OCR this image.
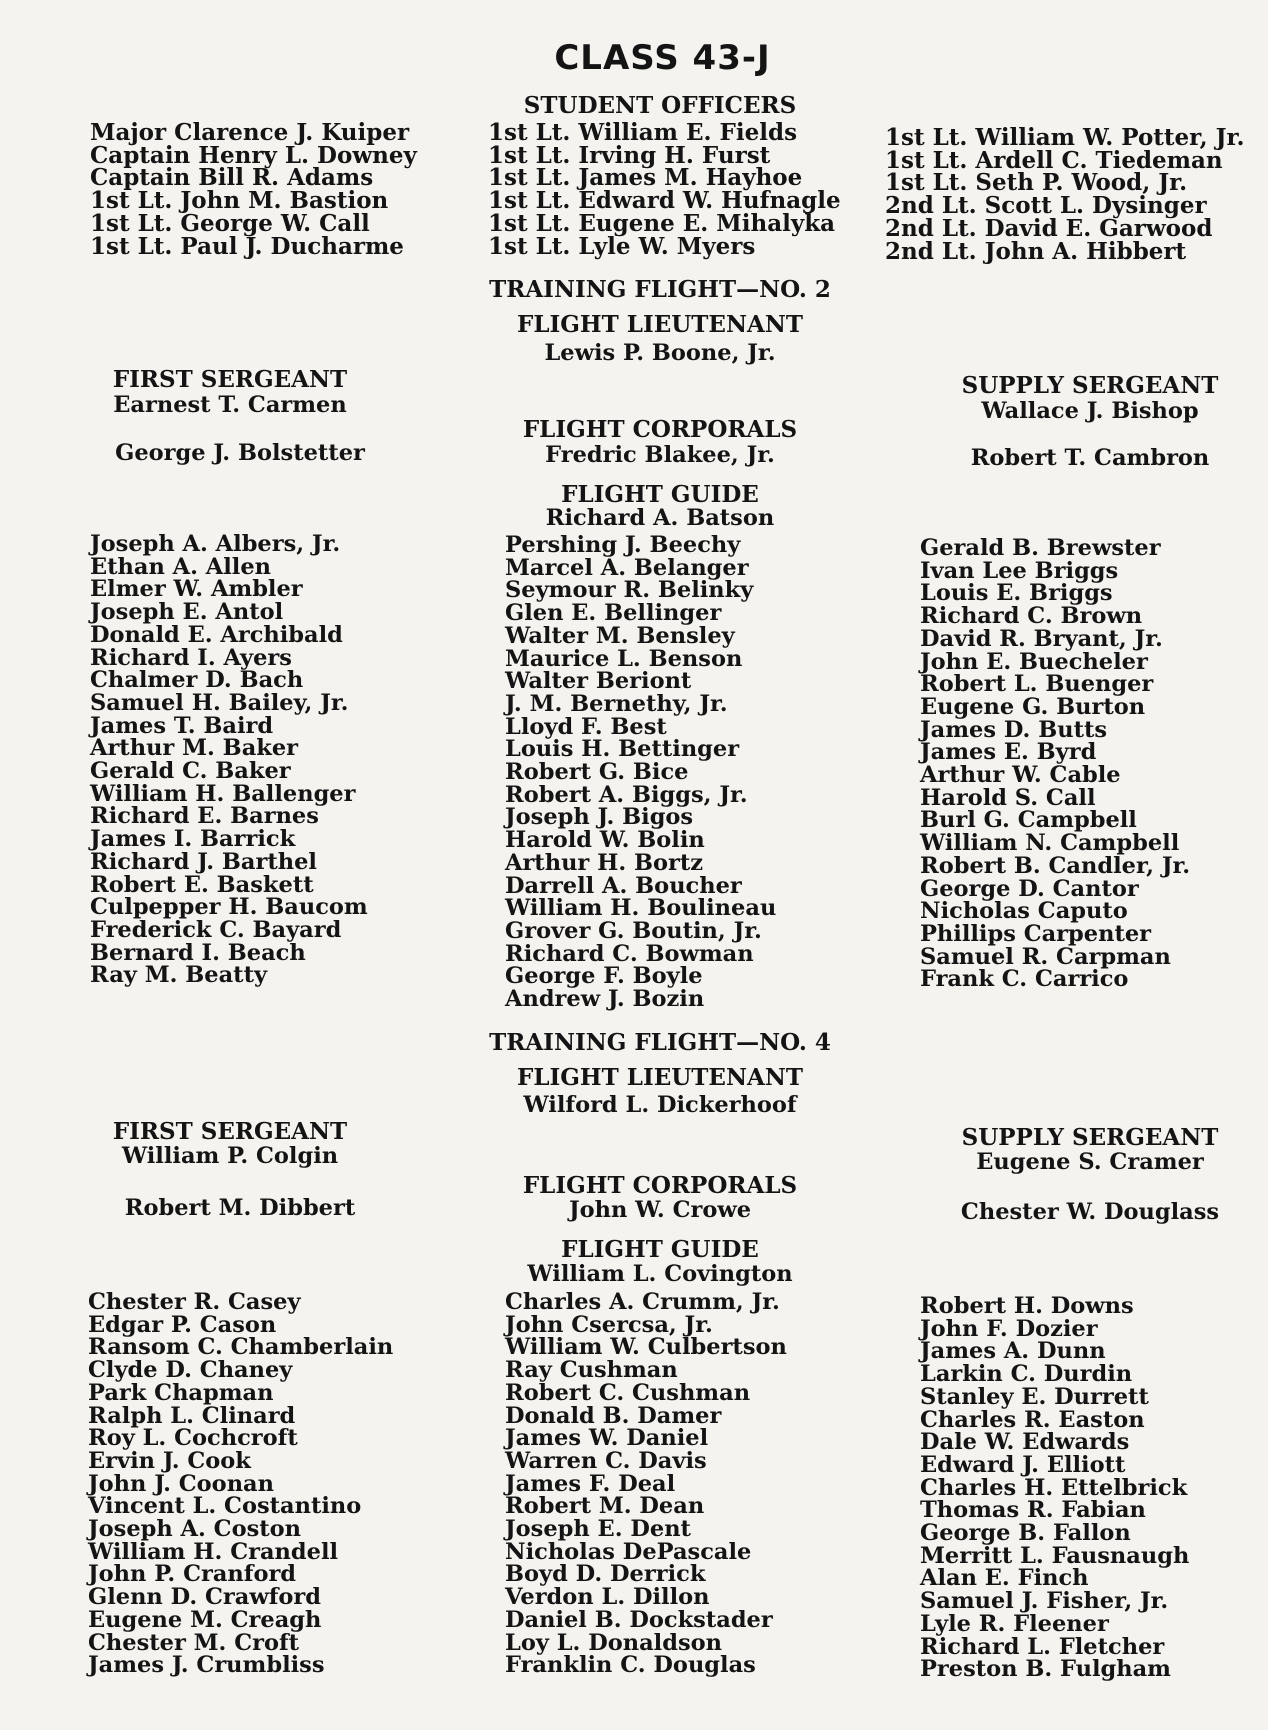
CLASS 43-J
STUDENT OFFICERS
Major Clarence J. Kuiper
Captain Henry L. Downey
Captain Bill R. Adams
1st Lt. John M. Bastion
1st Lt. George W. Call
1st Lt. Paul J. Ducharme
1st Lt. William E. Fields
1st Lt. Irving H. Furst
1st Lt. James M. Hayhoe
1st Lt. Edward W. Hufnagle
1st Lt. Eugene E. Mihalyka
1st Lt. Lyle W. Myers
1st Lt. William W. Potter, Jr.
1st Lt. Ardell C. Tiedeman
1st Lt. Seth P. Wood, Jr.
2nd Lt. Scott L. Dysinger
2nd Lt. David E. Garwood
2nd Lt. John A. Hibbert
TRAINING FLIGHT—NO. 2
FLIGHT LIEUTENANT
Lewis P. Boone, Jr.
FIRST SERGEANT
Earnest T. Carmen
George J. Bolstetter
SUPPLY SERGEANT
Wallace J. Bishop
Robert T. Cambron
FLIGHT CORPORALS
Fredric Blakee, Jr.
FLIGHT GUIDE
Richard A. Batson
Joseph A. Albers, Jr.
Ethan A. Allen
Elmer W. Ambler
Joseph E. Antol
Donald E. Archibald
Richard I. Ayers
Chalmer D. Bach
Samuel H. Bailey, Jr.
James T. Baird
Arthur M. Baker
Gerald C. Baker
William H. Ballenger
Richard E. Barnes
James I. Barrick
Richard J. Barthel
Robert E. Baskett
Culpepper H. Baucom
Frederick C. Bayard
Bernard I. Beach
Ray M. Beatty
Pershing J. Beechy
Marcel A. Belanger
Seymour R. Belinky
Glen E. Bellinger
Walter M. Bensley
Maurice L. Benson
Walter Beriont
J. M. Bernethy, Jr.
Lloyd F. Best
Louis H. Bettinger
Robert G. Bice
Robert A. Biggs, Jr.
Joseph J. Bigos
Harold W. Bolin
Arthur H. Bortz
Darrell A. Boucher
William H. Boulineau
Grover G. Boutin, Jr.
Richard C. Bowman
George F. Boyle
Andrew J. Bozin
Gerald B. Brewster
Ivan Lee Briggs
Louis E. Briggs
Richard C. Brown
David R. Bryant, Jr.
John E. Buecheler
Robert L. Buenger
Eugene G. Burton
James D. Butts
James E. Byrd
Arthur W. Cable
Harold S. Call
Burl G. Campbell
William N. Campbell
Robert B. Candler, Jr.
George D. Cantor
Nicholas Caputo
Phillips Carpenter
Samuel R. Carpman
Frank C. Carrico
TRAINING FLIGHT—NO. 4
FLIGHT LIEUTENANT
Wilford L. Dickerhoof
FIRST SERGEANT
William P. Colgin
Robert M. Dibbert
SUPPLY SERGEANT
Eugene S. Cramer
Chester W. Douglass
FLIGHT CORPORALS
John W. Crowe
FLIGHT GUIDE
William L. Covington
Chester R. Casey
Edgar P. Cason
Ransom C. Chamberlain
Clyde D. Chaney
Park Chapman
Ralph L. Clinard
Roy L. Cochcroft
Ervin J. Cook
John J. Coonan
Vincent L. Costantino
Joseph A. Coston
William H. Crandell
John P. Cranford
Glenn D. Crawford
Eugene M. Creagh
Chester M. Croft
James J. Crumbliss
Charles A. Crumm, Jr.
John Csercsa, Jr.
William W. Culbertson
Ray Cushman
Robert C. Cushman
Donald B. Damer
James W. Daniel
Warren C. Davis
James F. Deal
Robert M. Dean
Joseph E. Dent
Nicholas DePascale
Boyd D. Derrick
Verdon L. Dillon
Daniel B. Dockstader
Loy L. Donaldson
Franklin C. Douglas
Robert H. Downs
John F. Dozier
James A. Dunn
Larkin C. Durdin
Stanley E. Durrett
Charles R. Easton
Dale W. Edwards
Edward J. Elliott
Charles H. Ettelbrick
Thomas R. Fabian
George B. Fallon
Merritt L. Fausnaugh
Alan E. Finch
Samuel J. Fisher, Jr.
Lyle R. Fleener
Richard L. Fletcher
Preston B. Fulgham
